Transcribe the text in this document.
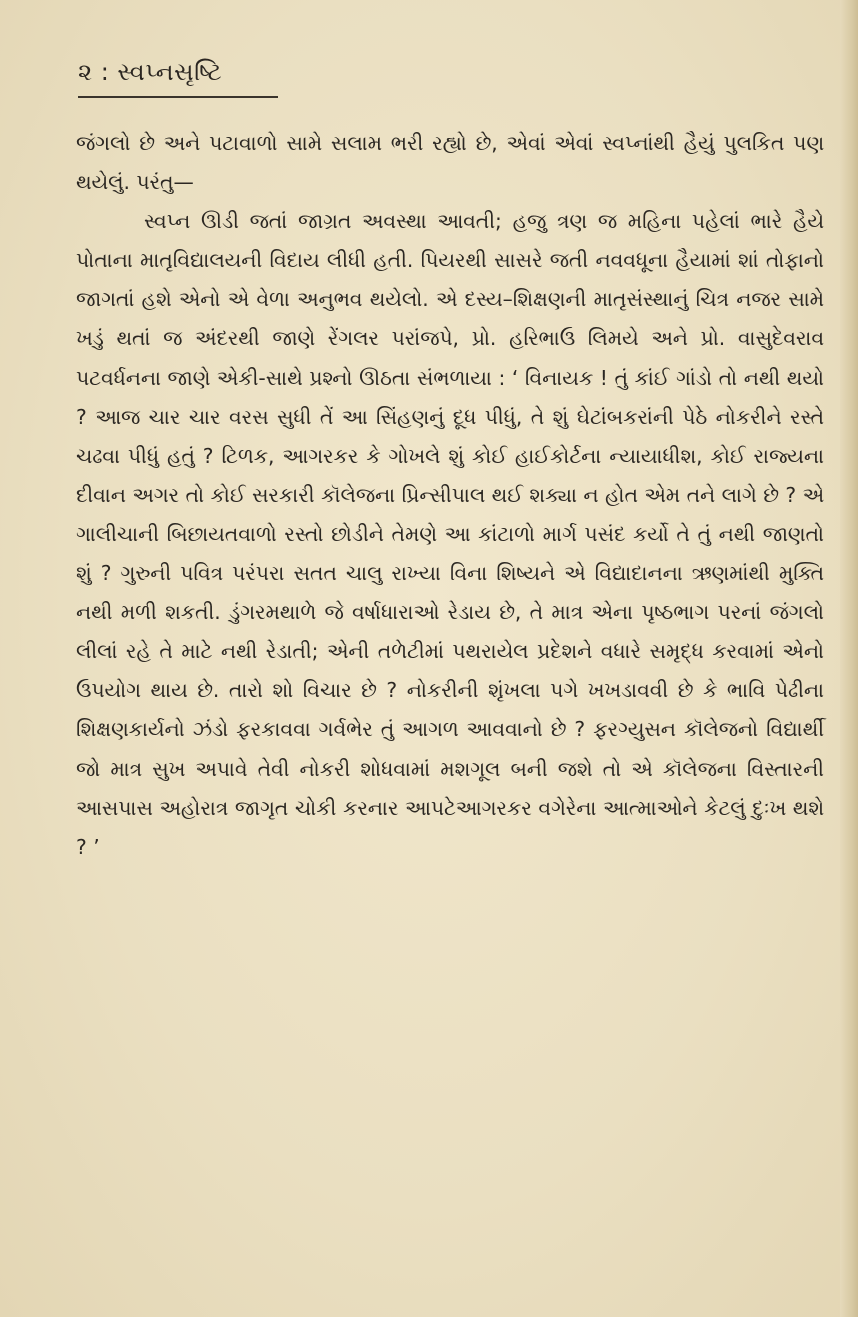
૨ : સ્વપ્નસૃષ્ટિ

જંગલો છે અને પટાવાળો સામે સલામ ભરી રહ્યો છે, એવાં એવાં સ્વપ્નાંથી હૈયું પુલકિત પણ થયેલું. પરંતુ—

સ્વપ્ન ઊડી જતાં જાગ્રત અવસ્થા આવતી; હજુ ત્રણ જ મહિના પહેલાં ભારે હૈયે પોતાના માતૃવિદ્યાલયની વિદાય લીધી હતી. પિયરથી સાસરે જતી નવવધૂના હૈયામાં શાં તોફાનો જાગતાં હશે એનો એ વેળા અનુભવ થયેલો. એ દસ્ય–શિક્ષણની માતૃસંસ્થાનું ચિત્ર નજર સામે ખડું થતાં જ અંદરથી જાણે રેંગલર પરાંજપે, પ્રો. હરિભાઉ લિમયે અને પ્રો. વાસુદેવરાવ પટવર્ધનના જાણે એકી-સાથે પ્રશ્નો ઊઠતા સંભળાયા : ‘ વિનાયક ! તું કાંઈ ગાંડો તો નથી થયો ? આજ ચાર ચાર વરસ સુધી તેં આ સિંહણનું દૂધ પીધું, તે શું ઘેટાંબકરાંની પેઠે નોકરીને રસ્તે ચઢવા પીધું હતું ? ટિળક, આગરકર કે ગોખલે શું કોઈ હાઈકોર્ટના ન્યાયાધીશ, કોઈ રાજ્યના દીવાન અગર તો કોઈ સરકારી કૉલેજના પ્રિન્સીપાલ થઈ શક્યા ન હોત એમ તને લાગે છે ? એ ગાલીચાની બિછાયતવાળો રસ્તો છોડીને તેમણે આ કાંટાળો માર્ગ પસંદ કર્યો તે તું નથી જાણતો શું ? ગુરુની પવિત્ર પરંપરા સતત ચાલુ રાખ્યા વિના શિષ્યને એ વિદ્યાદાનના ઋણમાંથી મુક્તિ નથી મળી શકતી. ડુંગરમથાળે જે વર્ષાધારાઓ રેડાય છે, તે માત્ર એના પૃષ્ઠભાગ પરનાં જંગલો લીલાં રહે તે માટે નથી રેડાતી; એની તળેટીમાં પથરાયેલ પ્રદેશને વધારે સમૃદ્ધ કરવામાં એનો ઉપયોગ થાય છે. તારો શો વિચાર છે ? નોકરીની શૃંખલા પગે ખખડાવવી છે કે ભાવિ પેઢીના શિક્ષણકાર્યનો ઝંડો ફરકાવવા ગર્વભેર તું આગળ આવવાનો છે ? ફરગ્યુસન કૉલેજનો વિદ્યાર્થી જો માત્ર સુખ અપાવે તેવી નોકરી શોધવામાં મશગૂલ બની જશે તો એ કૉલેજના વિસ્તારની આસપાસ અહોરાત્ર જાગૃત ચોકી કરનાર આપટેઆગરકર વગેરેના આત્માઓને કેટલું દુઃખ થશે ? ’
